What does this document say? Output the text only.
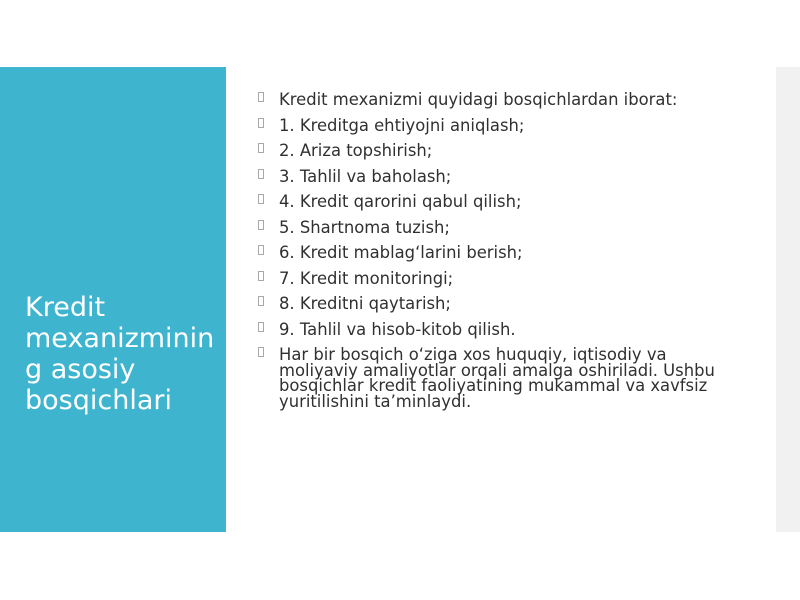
Kredit mexanizmining asosiy bosqichlari
Kredit mexanizmi quyidagi bosqichlardan iborat:
1. Kreditga ehtiyojni aniqlash;
2. Ariza topshirish;
3. Tahlil va baholash;
4. Kredit qarorini qabul qilish;
5. Shartnoma tuzish;
6. Kredit mablag‘larini berish;
7. Kredit monitoringi;
8. Kreditni qaytarish;
9. Tahlil va hisob-kitob qilish.
Har bir bosqich o‘ziga xos huquqiy, iqtisodiy va moliyaviy amaliyotlar orqali amalga oshiriladi. Ushbu bosqichlar kredit faoliyatining mukammal va xavfsiz yuritilishini ta’minlaydi.
